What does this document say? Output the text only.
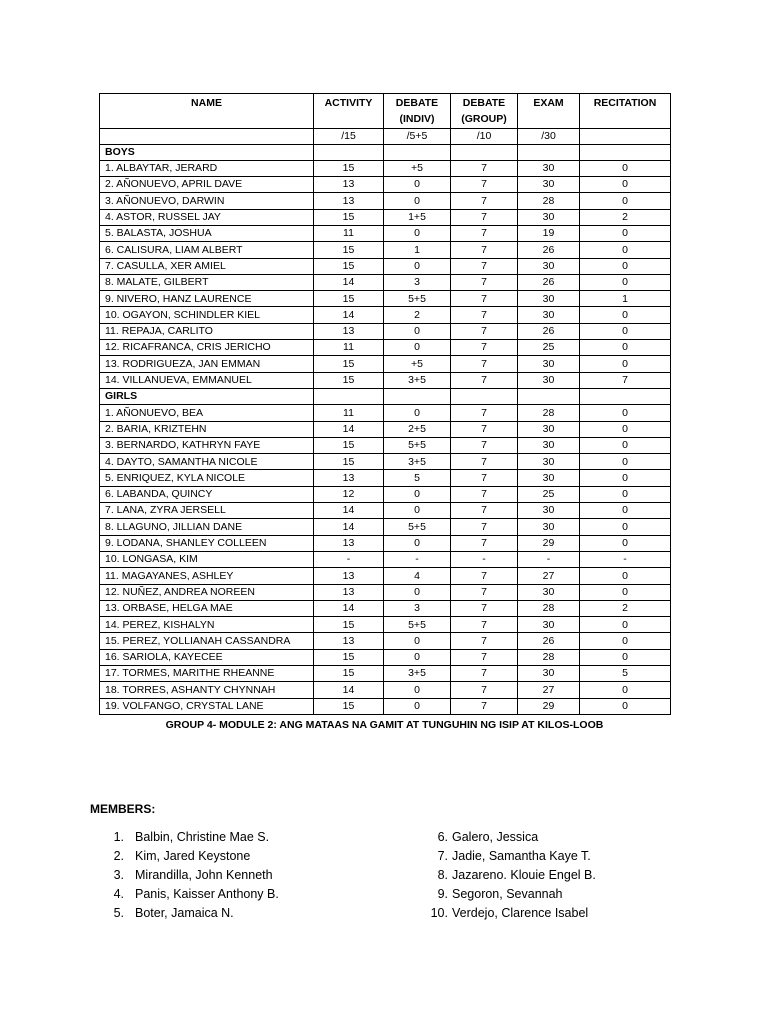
NAME	ACTIVITY	DEBATE (INDIV)	DEBATE (GROUP)	EXAM	RECITATION
	/15	/5+5	/10	/30	
BOYS					
1. ALBAYTAR, JERARD	15	+5	7	30	0
2. AÑONUEVO, APRIL DAVE	13	0	7	30	0
3. AÑONUEVO, DARWIN	13	0	7	28	0
4. ASTOR, RUSSEL JAY	15	1+5	7	30	2
5. BALASTA, JOSHUA	11	0	7	19	0
6. CALISURA, LIAM ALBERT	15	1	7	26	0
7. CASULLA, XER AMIEL	15	0	7	30	0
8. MALATE, GILBERT	14	3	7	26	0
9. NIVERO, HANZ LAURENCE	15	5+5	7	30	1
10. OGAYON, SCHINDLER KIEL	14	2	7	30	0
11. REPAJA, CARLITO	13	0	7	26	0
12. RICAFRANCA, CRIS JERICHO	11	0	7	25	0
13. RODRIGUEZA, JAN EMMAN	15	+5	7	30	0
14. VILLANUEVA, EMMANUEL	15	3+5	7	30	7
GIRLS					
1. AÑONUEVO, BEA	11	0	7	28	0
2. BARIA, KRIZTEHN	14	2+5	7	30	0
3. BERNARDO, KATHRYN FAYE	15	5+5	7	30	0
4. DAYTO, SAMANTHA NICOLE	15	3+5	7	30	0
5. ENRIQUEZ, KYLA NICOLE	13	5	7	30	0
6. LABANDA, QUINCY	12	0	7	25	0
7. LANA, ZYRA JERSELL	14	0	7	30	0
8. LLAGUNO, JILLIAN DANE	14	5+5	7	30	0
9. LODANA, SHANLEY COLLEEN	13	0	7	29	0
10. LONGASA, KIM	-	-	-	-	-
11. MAGAYANES, ASHLEY	13	4	7	27	0
12. NUÑEZ, ANDREA NOREEN	13	0	7	30	0
13. ORBASE, HELGA MAE	14	3	7	28	2
14. PEREZ, KISHALYN	15	5+5	7	30	0
15. PEREZ, YOLLIANAH CASSANDRA	13	0	7	26	0
16. SARIOLA, KAYECEE	15	0	7	28	0
17. TORMES, MARITHE RHEANNE	15	3+5	7	30	5
18. TORRES, ASHANTY CHYNNAH	14	0	7	27	0
19. VOLFANGO, CRYSTAL LANE	15	0	7	29	0
GROUP 4- MODULE 2: ANG MATAAS NA GAMIT AT TUNGUHIN NG ISIP AT KILOS-LOOB
MEMBERS:
1. Balbin, Christine Mae S.
2. Kim, Jared Keystone
3. Mirandilla, John Kenneth
4. Panis, Kaisser Anthony B.
5. Boter, Jamaica N.
6. Galero, Jessica
7. Jadie, Samantha Kaye T.
8. Jazareno. Klouie Engel B.
9. Segoron, Sevannah
10. Verdejo, Clarence Isabel
